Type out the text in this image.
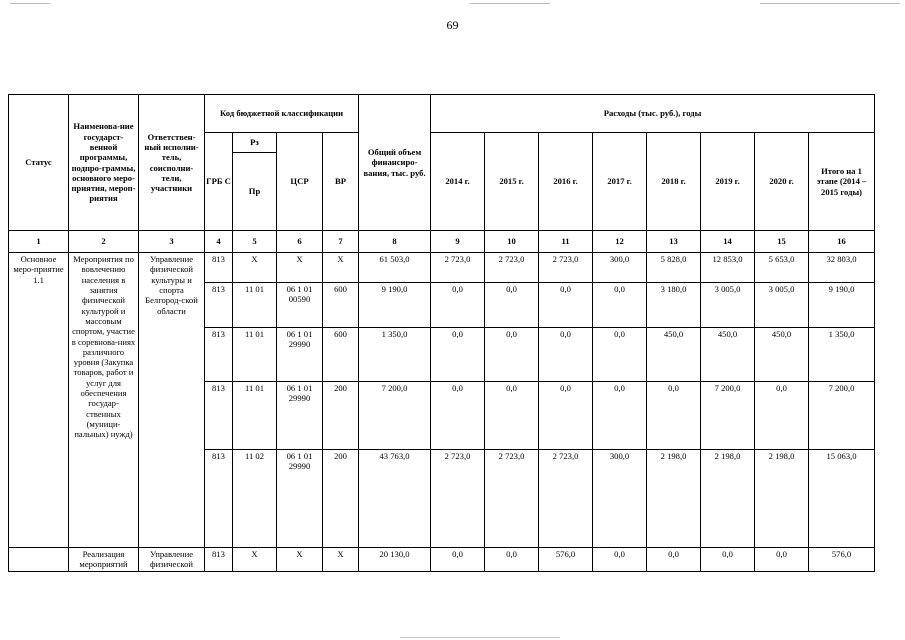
69
Статус	Наименова-ние государст-венной программы, подпро-граммы, основного меро-приятия, мероп-риятия	Ответствен-ный исполни-тель, соисполни-тели, участники	Код бюджетной классификации				Общий объем финансиро-вания, тыс. руб.	Расходы (тыс. руб.), годы							
			ГРБ С	Рз	ЦСР	ВР		2014 г.	2015 г.	2016 г.	2017 г.	2018 г.	2019 г.	2020 г.	Итого на 1 этапе (2014 – 2015 годы)
				Пр											
1	2	3	4	5	6	7	8	9	10	11	12	13	14	15	16
Основное меро-приятие 1.1	Мероприятия по вовлечению населения в занятия физической культурой и массовым спортом, участие в соревнова-ниях различного уровня (Закупка товаров, работ и услуг для обеспечения государ-ственных (муници-пальных) нужд)	Управление физической культуры и спорта Белгород-ской области	813	X	X	X	61 503,0	2 723,0	2 723,0	2 723,0	300,0	5 828,0	12 853,0	5 653,0	32 803,0
			813	11 01	06 1 01 00590	600	9 190,0	0,0	0,0	0,0	0,0	3 180,0	3 005,0	3 005,0	9 190,0
			813	11 01	06 1 01 29990	600	1 350,0	0,0	0,0	0,0	0,0	450,0	450,0	450,0	1 350,0
			813	11 01	06 1 01 29990	200	7 200,0	0,0	0,0	0,0	0,0	0,0	7 200,0	0,0	7 200,0
			813	11 02	06 1 01 29990	200	43 763,0	2 723,0	2 723,0	2 723,0	300,0	2 198,0	2 198,0	2 198,0	15 063,0
	Реализация мероприятий	Управление физической	813	X	X	X	20 130,0	0,0	0,0	576,0	0,0	0,0	0,0	0,0	576,0
